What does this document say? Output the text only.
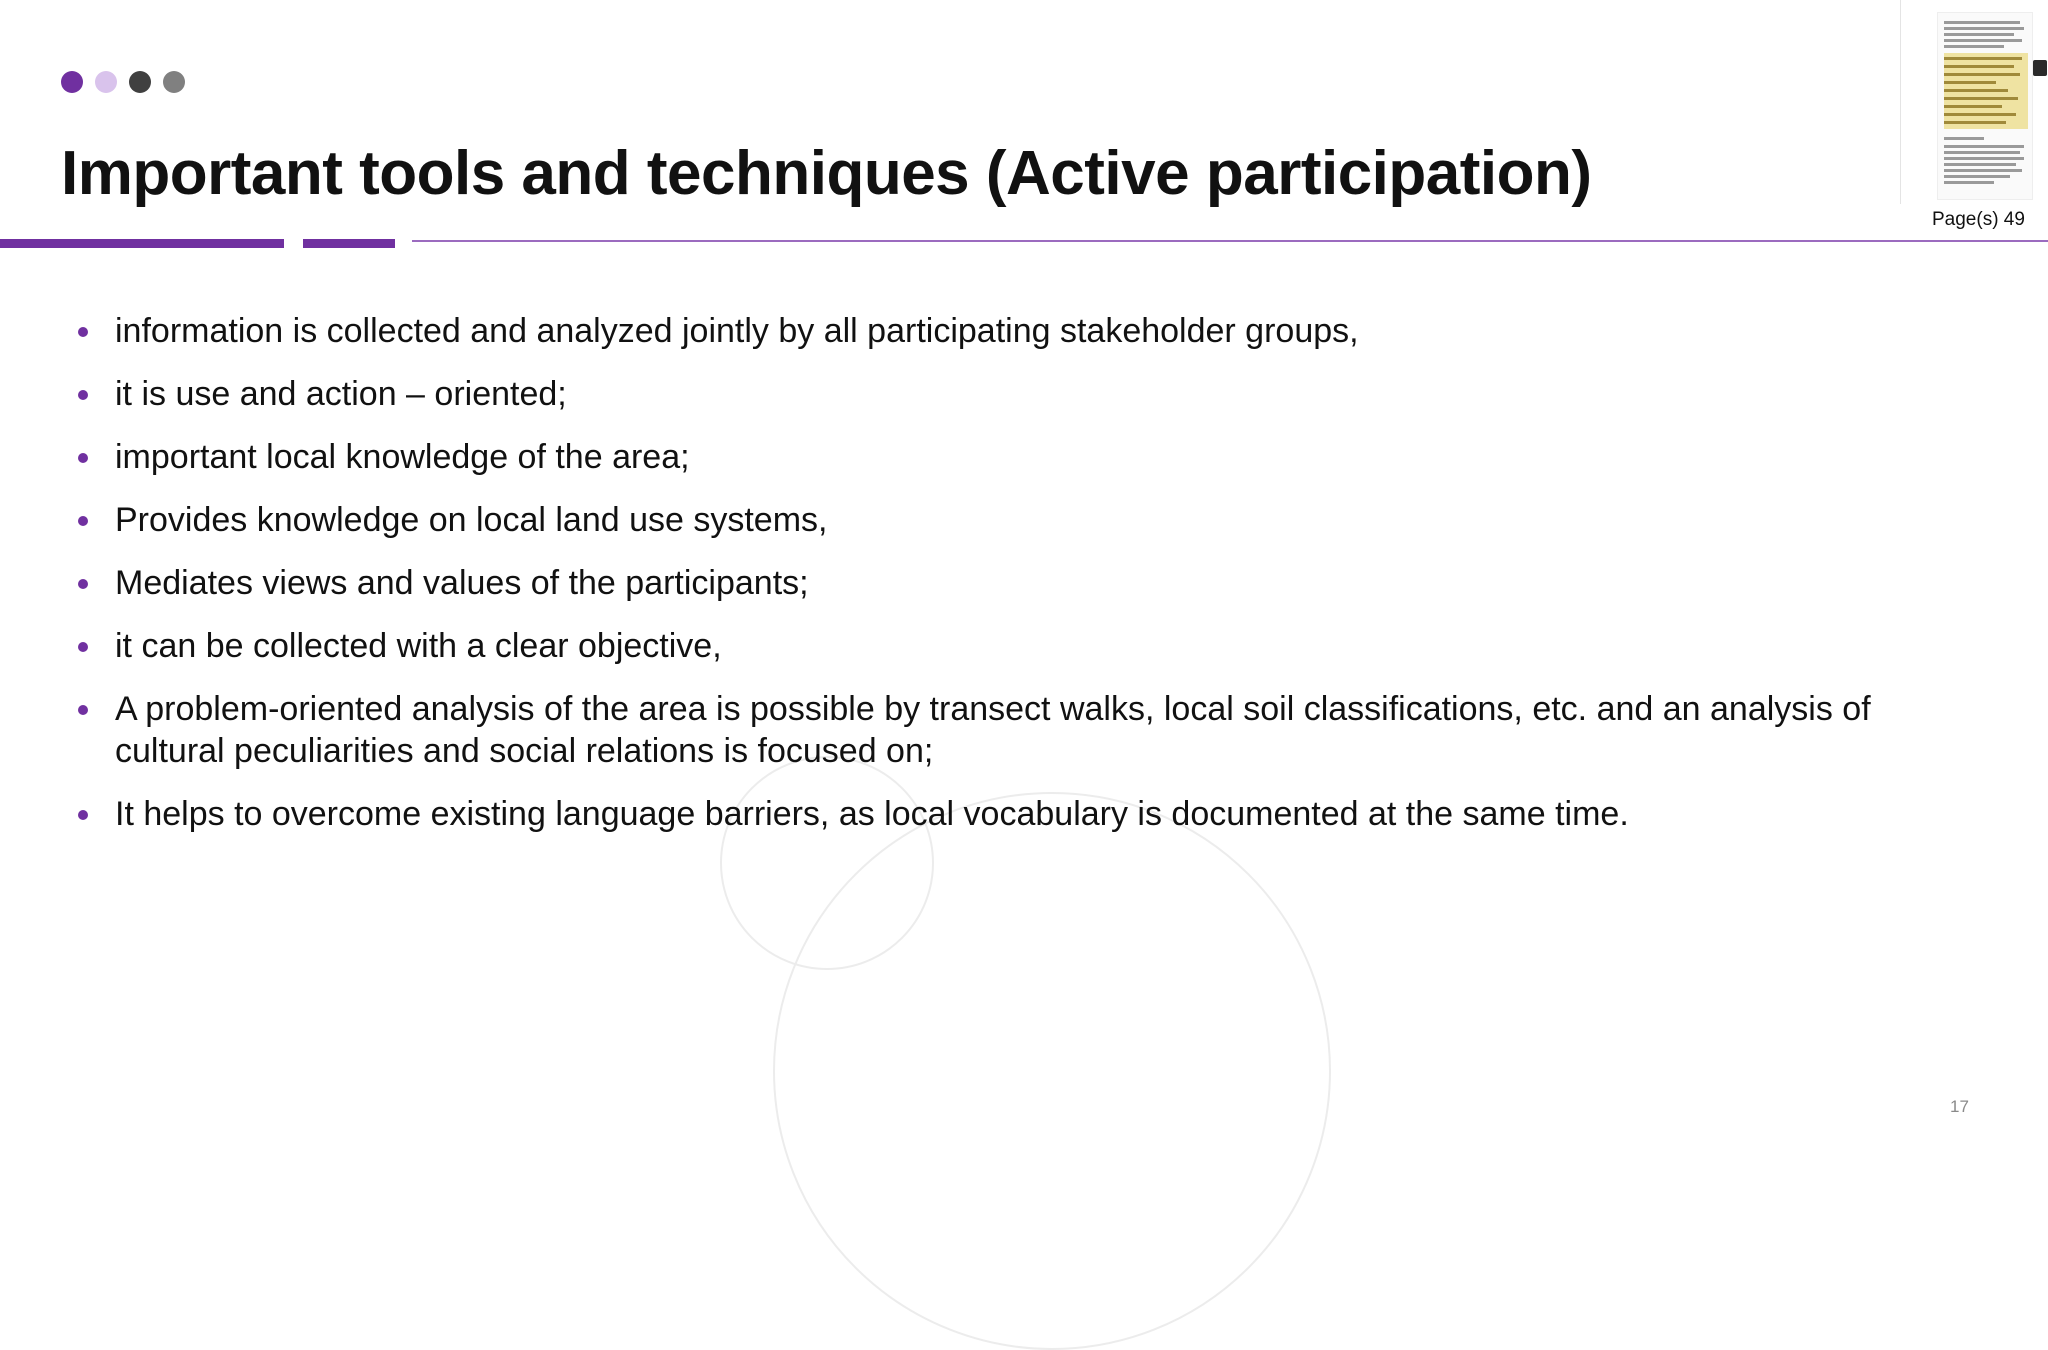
Important tools and techniques (Active participation)
information is collected and analyzed jointly by all participating stakeholder groups,
it is use and action – oriented;
important local knowledge of the area;
Provides knowledge on local land use systems,
Mediates views and values of the participants;
it can be collected with a clear objective,
A problem-oriented analysis of the area is possible by transect walks, local soil classifications, etc. and an analysis of cultural peculiarities and social relations is focused on;
It helps to overcome existing language barriers, as local vocabulary is documented at the same time.
17
Page(s) 49
